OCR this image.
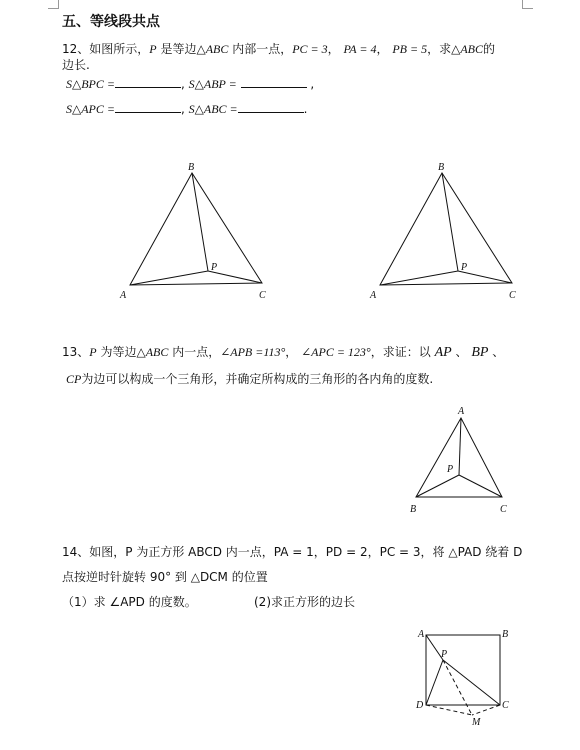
五、等线段共点
12、如图所示，P 是等边△ABC 内部一点，PC = 3， PA = 4， PB = 5，求△ABC的
边长.
S△BPC =	, S△ABP =	,
S△APC =	, S△ABC =	.
B
P
A	C
B
P
A	C
13、P 为等边△ABC 内一点，∠APB =113°， ∠APC = 123°，求证：以 AP 、 BP 、
CP为边可以构成一个三角形，并确定所构成的三角形的各内角的度数.
A
P
B	C
14、如图，P 为正方形 ABCD 内一点，PA = 1，PD = 2，PC = 3，将 △PAD 绕着 D
点按逆时针旋转 90° 到 △DCM 的位置
（1）求 ∠APD 的度数。	(2)求正方形的边长
A	B
P
D	C
M
